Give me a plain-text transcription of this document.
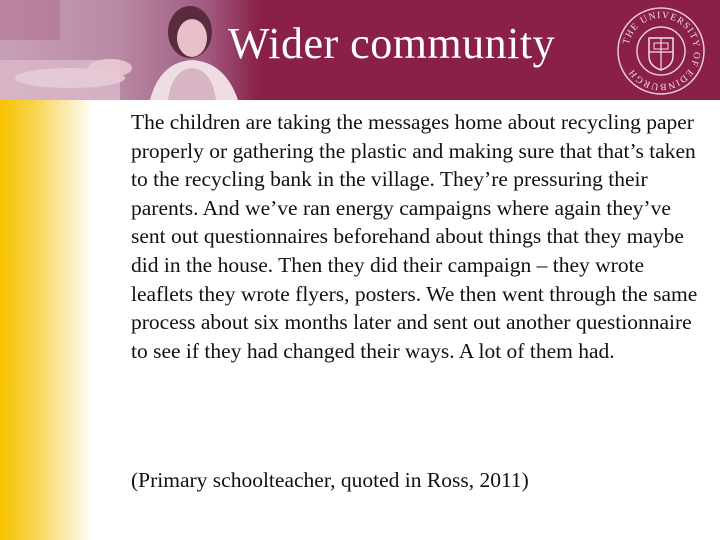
Wider community	THE UNIVERSITY OF EDINBURGH

The children are taking the messages home about recycling paper properly or gathering the plastic and making sure that that’s taken to the recycling bank in the village. They’re pressuring their parents. And we’ve ran energy campaigns where again they’ve sent out questionnaires beforehand about things that they maybe did in the house. Then they did their campaign – they wrote leaflets they wrote flyers, posters. We then went through the same process about six months later and sent out another questionnaire to see if they had changed their ways. A lot of them had.

(Primary schoolteacher, quoted in Ross, 2011)
